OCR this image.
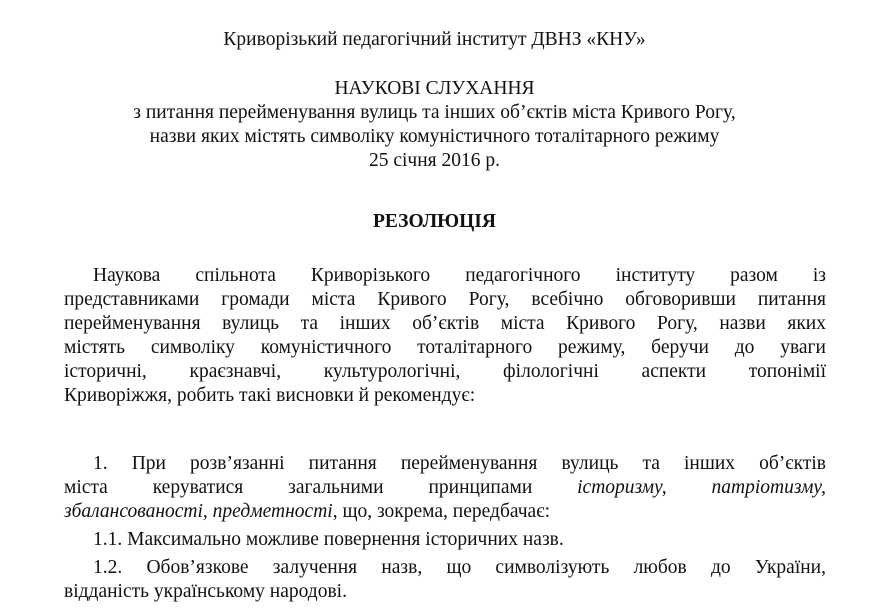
Криворізький педагогічний інститут ДВНЗ «КНУ»
НАУКОВІ СЛУХАННЯ
з питання перейменування вулиць та інших об’єктів міста Кривого Рогу,
назви яких містять символіку комуністичного тоталітарного режиму
25 січня 2016 р.
РЕЗОЛЮЦІЯ
Наукова спільнота Криворізького педагогічного інституту разом із
представниками громади міста Кривого Рогу, всебічно обговоривши питання
перейменування вулиць та інших об’єктів міста Кривого Рогу, назви яких
містять символіку комуністичного тоталітарного режиму, беручи до уваги
історичні, краєзнавчі, культурологічні, філологічні аспекти топонімії
Криворіжжя, робить такі висновки й рекомендує:
1. При розв’язанні питання перейменування вулиць та інших об’єктів
міста керуватися загальними принципами історизму, патріотизму,
збалансованості, предметності, що, зокрема, передбачає:
1.1. Максимально можливе повернення історичних назв.
1.2. Обов’язкове залучення назв, що символізують любов до України,
відданість українському народові.
